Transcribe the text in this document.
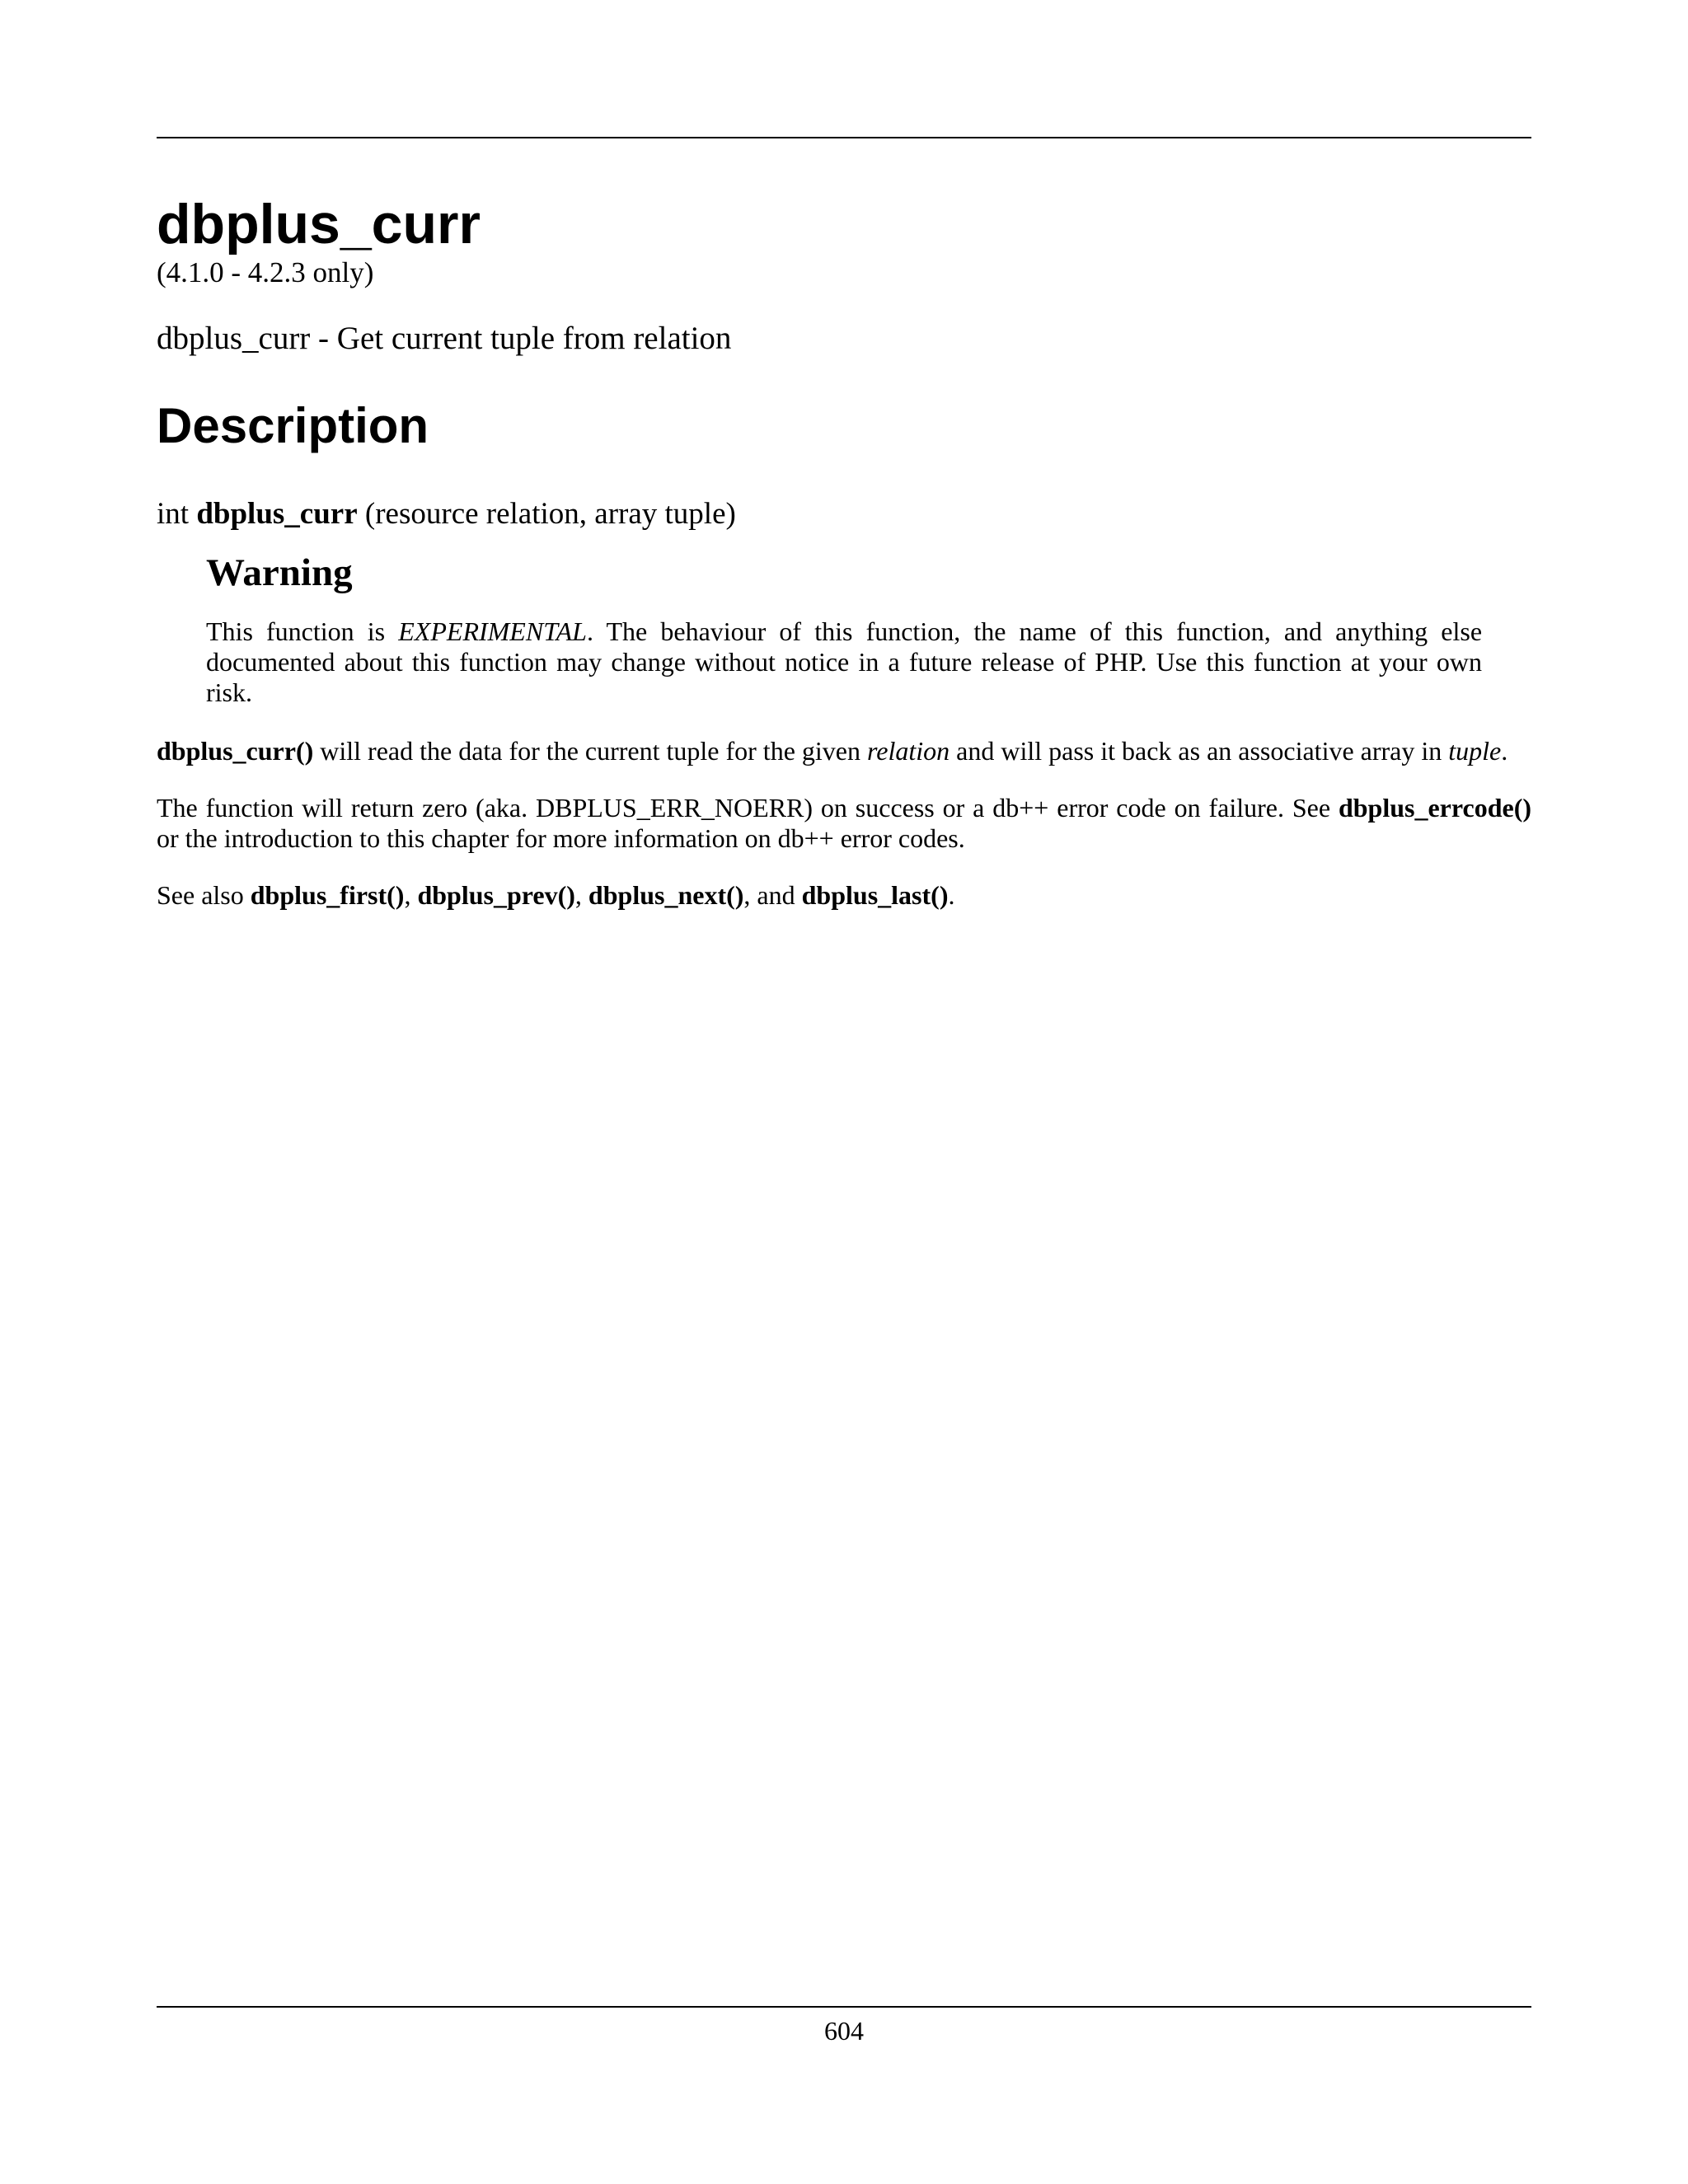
dbplus_curr

(4.1.0 - 4.2.3 only)

dbplus_curr - Get current tuple from relation

Description

int dbplus_curr (resource relation, array tuple)

Warning

This function is EXPERIMENTAL. The behaviour of this function, the name of this function, and anything else documented about this function may change without notice in a future release of PHP. Use this function at your own risk.

dbplus_curr() will read the data for the current tuple for the given relation and will pass it back as an associative array in tuple.

The function will return zero (aka. DBPLUS_ERR_NOERR) on success or a db++ error code on failure. See dbplus_errcode() or the introduction to this chapter for more information on db++ error codes.

See also dbplus_first(), dbplus_prev(), dbplus_next(), and dbplus_last().

604
